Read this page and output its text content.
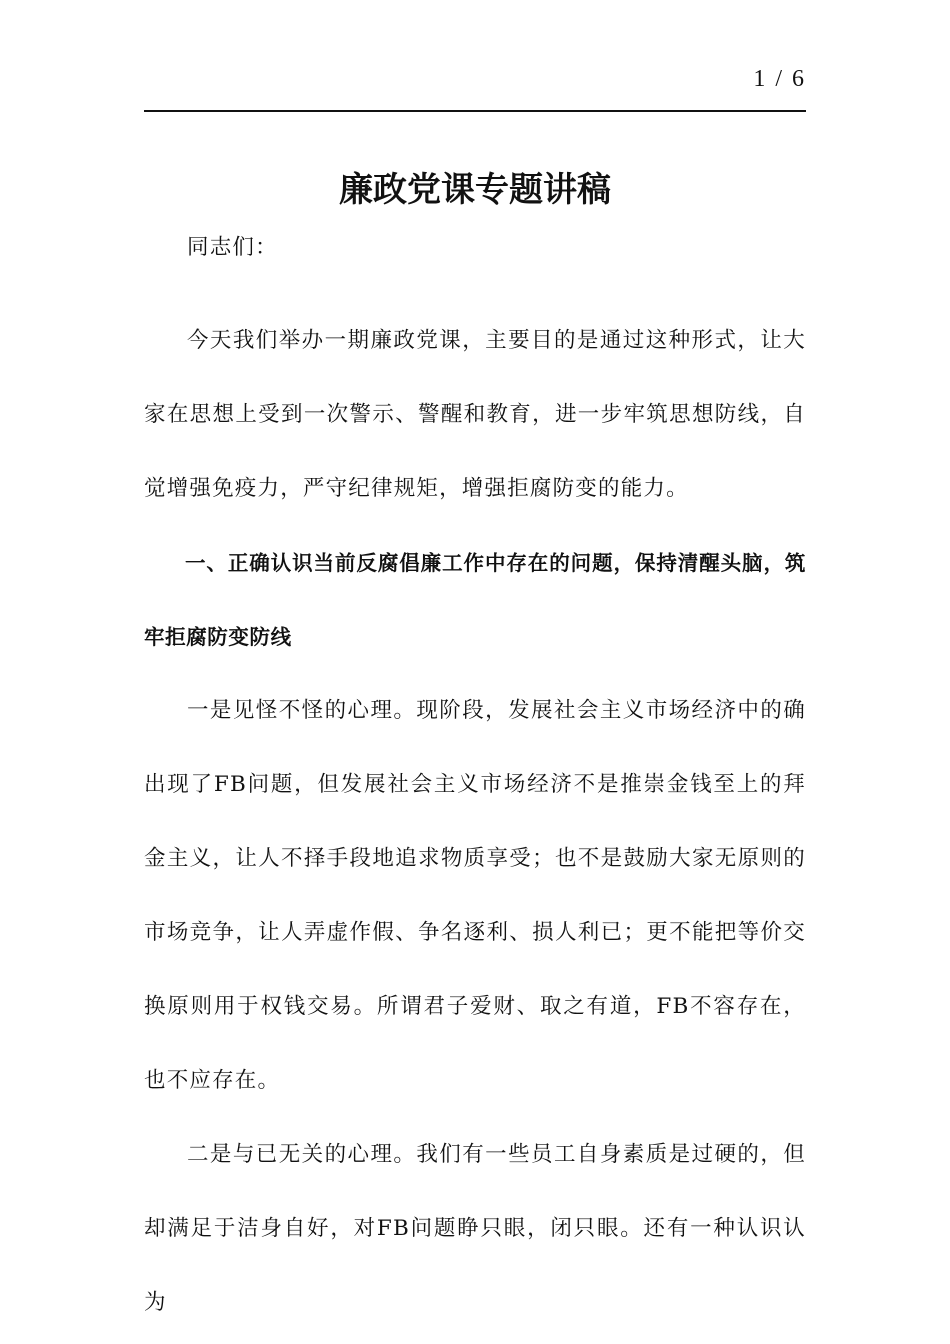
1 / 6
廉政党课专题讲稿

同志们：

今天我们举办一期廉政党课，主要目的是通过这种形式，让大家在思想上受到一次警示、警醒和教育，进一步牢筑思想防线，自觉增强免疫力，严守纪律规矩，增强拒腐防变的能力。

一、正确认识当前反腐倡廉工作中存在的问题，保持清醒头脑，筑牢拒腐防变防线

一是见怪不怪的心理。现阶段，发展社会主义市场经济中的确出现了FB问题，但发展社会主义市场经济不是推崇金钱至上的拜金主义，让人不择手段地追求物质享受；也不是鼓励大家无原则的市场竞争，让人弄虚作假、争名逐利、损人利已；更不能把等价交换原则用于权钱交易。所谓君子爱财、取之有道，FB不容存在，也不应存在。

二是与已无关的心理。我们有一些员工自身素质是过硬的，但却满足于洁身自好，对FB问题睁只眼，闭只眼。还有一种认识认为
